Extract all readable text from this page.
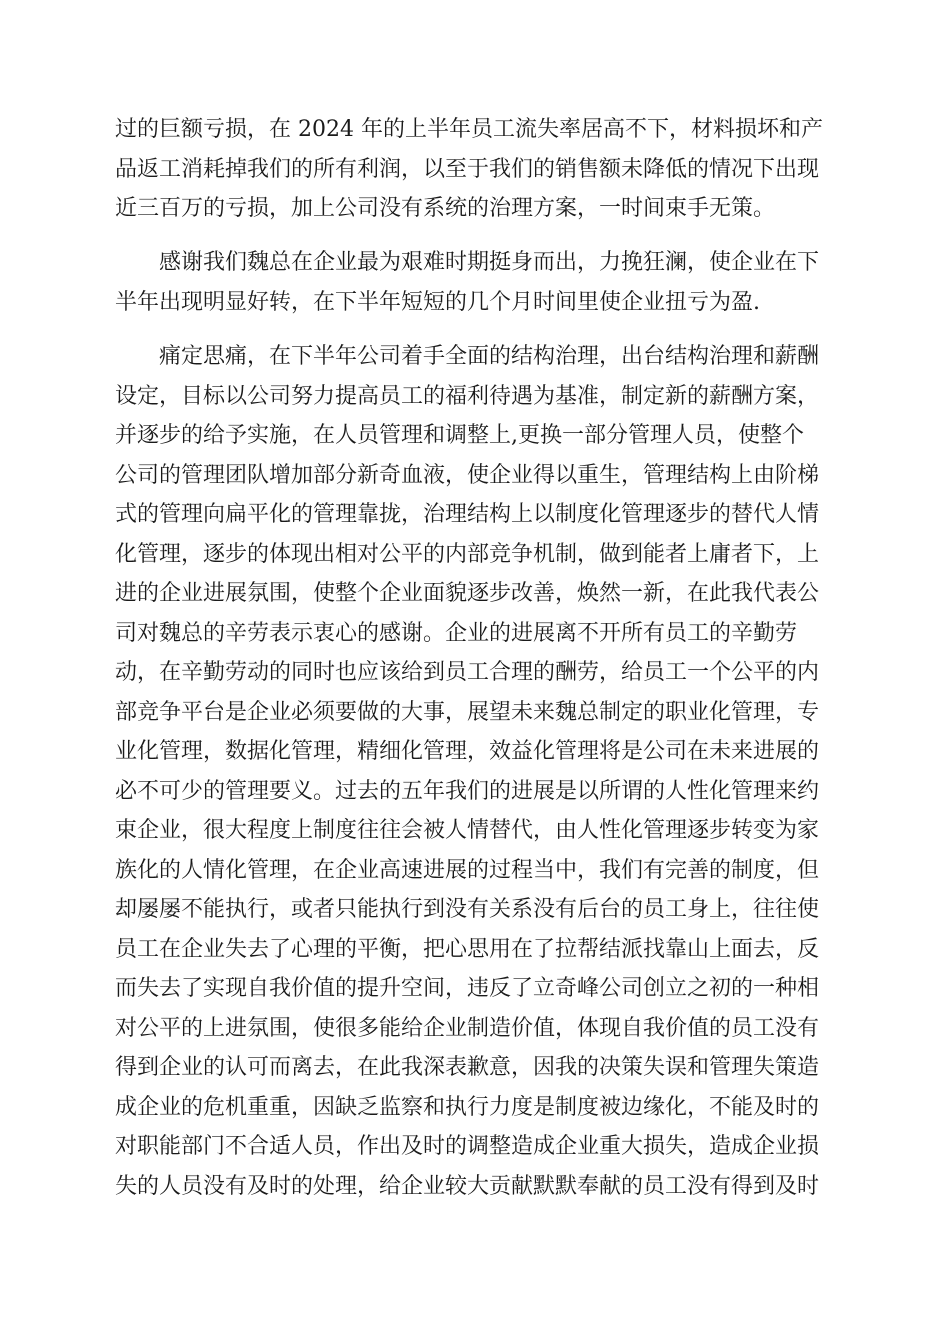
过的巨额亏损，在 2024 年的上半年员工流失率居高不下，材料损坏和产
品返工消耗掉我们的所有利润，以至于我们的销售额未降低的情况下出现
近三百万的亏损，加上公司没有系统的治理方案，一时间束手无策。
感谢我们魏总在企业最为艰难时期挺身而出，力挽狂澜，使企业在下
半年出现明显好转，在下半年短短的几个月时间里使企业扭亏为盈.
痛定思痛，在下半年公司着手全面的结构治理，出台结构治理和薪酬
设定，目标以公司努力提高员工的福利待遇为基准，制定新的薪酬方案，
并逐步的给予实施，在人员管理和调整上,更换一部分管理人员，使整个
公司的管理团队增加部分新奇血液，使企业得以重生，管理结构上由阶梯
式的管理向扁平化的管理靠拢，治理结构上以制度化管理逐步的替代人情
化管理，逐步的体现出相对公平的内部竞争机制，做到能者上庸者下，上
进的企业进展氛围，使整个企业面貌逐步改善，焕然一新，在此我代表公
司对魏总的辛劳表示衷心的感谢。企业的进展离不开所有员工的辛勤劳
动，在辛勤劳动的同时也应该给到员工合理的酬劳，给员工一个公平的内
部竞争平台是企业必须要做的大事，展望未来魏总制定的职业化管理，专
业化管理，数据化管理，精细化管理，效益化管理将是公司在未来进展的
必不可少的管理要义。过去的五年我们的进展是以所谓的人性化管理来约
束企业，很大程度上制度往往会被人情替代，由人性化管理逐步转变为家
族化的人情化管理，在企业高速进展的过程当中，我们有完善的制度，但
却屡屡不能执行，或者只能执行到没有关系没有后台的员工身上，往往使
员工在企业失去了心理的平衡，把心思用在了拉帮结派找靠山上面去，反
而失去了实现自我价值的提升空间，违反了立奇峰公司创立之初的一种相
对公平的上进氛围，使很多能给企业制造价值，体现自我价值的员工没有
得到企业的认可而离去，在此我深表歉意，因我的决策失误和管理失策造
成企业的危机重重，因缺乏监察和执行力度是制度被边缘化，不能及时的
对职能部门不合适人员，作出及时的调整造成企业重大损失，造成企业损
失的人员没有及时的处理，给企业较大贡献默默奉献的员工没有得到及时
